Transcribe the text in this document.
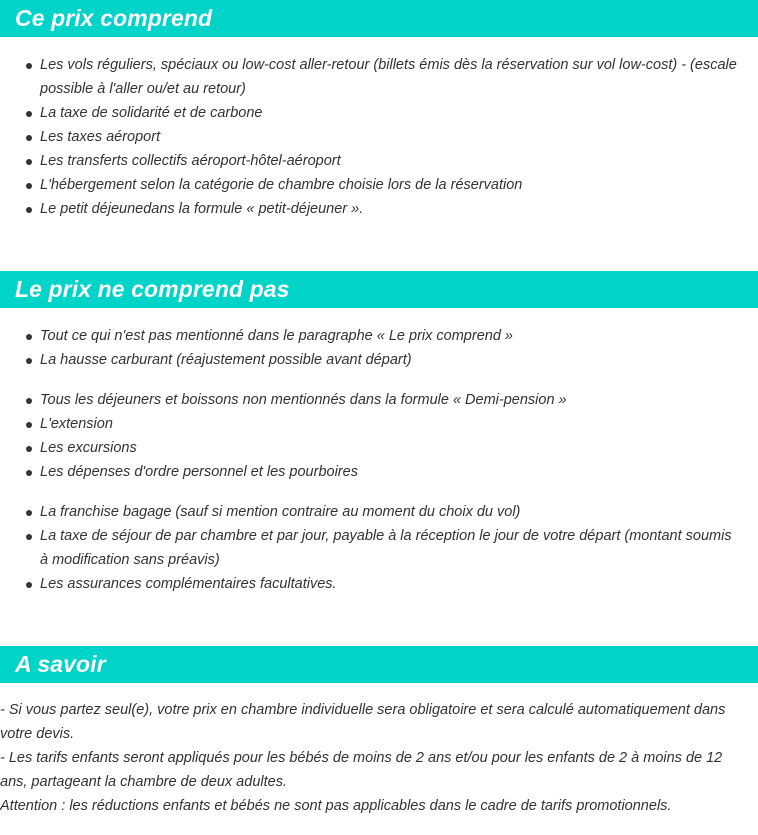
Ce prix comprend
Les vols réguliers, spéciaux ou low-cost aller-retour (billets émis dès la réservation sur vol low-cost) - (escale possible à l'aller ou/et au retour)
La taxe de solidarité et de carbone
Les taxes aéroport
Les transferts collectifs aéroport-hôtel-aéroport
L'hébergement selon la catégorie de chambre choisie lors de la réservation
Le petit déjeunedans la formule « petit-déjeuner ».
Le prix ne comprend pas
Tout ce qui n'est pas mentionné dans le paragraphe « Le prix comprend »
La hausse carburant (réajustement possible avant départ)
Tous les déjeuners et boissons non mentionnés dans la formule « Demi-pension »
L'extension
Les excursions
Les dépenses d'ordre personnel et les pourboires
La franchise bagage (sauf si mention contraire au moment du choix du vol)
La taxe de séjour de par chambre et par jour, payable à la réception le jour de votre départ (montant soumis à modification sans préavis)
Les assurances complémentaires facultatives.
A savoir

- Si vous partez seul(e), votre prix en chambre individuelle sera obligatoire et sera calculé automatiquement dans votre devis.

- Les tarifs enfants seront appliqués pour les bébés de moins de 2 ans et/ou pour les enfants de 2 à moins de 12 ans, partageant la chambre de deux adultes.

Attention : les réductions enfants et bébés ne sont pas applicables dans le cadre de tarifs promotionnels.
